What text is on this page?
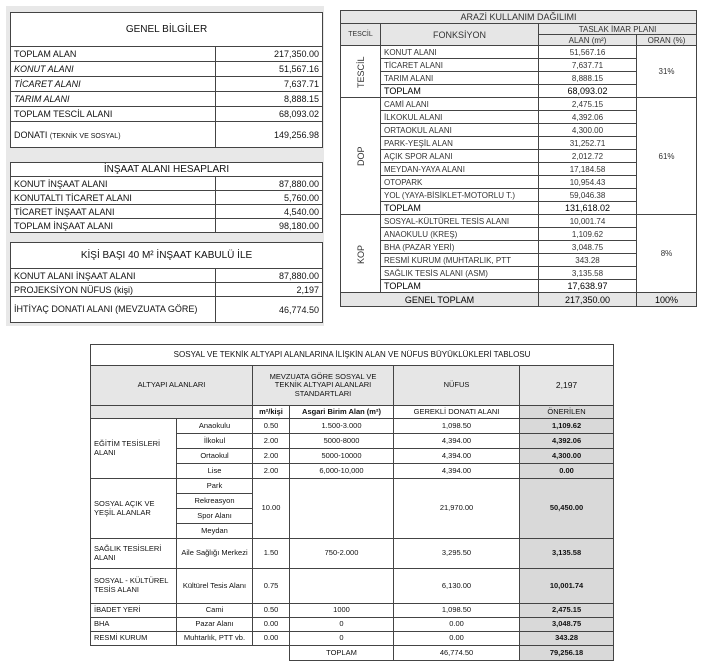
GENEL BİLGİLER	
TOPLAM ALAN	217,350.00
KONUT ALANI	51,567.16
TİCARET ALANI	7,637.71
TARIM ALANI	8,888.15
TOPLAM TESCİL ALANI	68,093.02
DONATI (TEKNİK VE SOSYAL)	149,256.98
İNŞAAT ALANI HESAPLARI	
KONUT İNŞAAT ALANI	87,880.00
KONUTALTI TİCARET ALANI	5,760.00
TİCARET İNŞAAT ALANI	4,540.00
TOPLAM İNŞAAT ALANI	98,180.00
KİŞİ BAŞI 40 M² İNŞAAT KABULÜ İLE	
KONUT ALANI İNŞAAT ALANI	87,880.00
PROJEKSİYON NÜFUS (kişi)	2,197
İHTİYAÇ DONATI ALANI (MEVZUATA GÖRE)	46,774.50
ARAZİ KULLANIM DAĞILIMI			
TESCİL	FONKSİYON	TASLAK İMAR PLANI	
		ALAN (m²)	ORAN (%)
TESCİL	KONUT ALANI	51,567.16	31%
	TİCARET ALANI	7,637.71	
	TARIM ALANI	8,888.15	
	TOPLAM	68,093.02	
DOP	CAMİ ALANI	2,475.15	61%
	İLKOKUL ALANI	4,392.06	
	ORTAOKUL ALANI	4,300.00	
	PARK-YEŞİL ALAN	31,252.71	
	AÇIK SPOR ALANI	2,012.72	
	MEYDAN-YAYA ALANI	17,184.58	
	OTOPARK	10,954.43	
	YOL (YAYA-BİSİKLET-MOTORLU T.)	59,046.38	
	TOPLAM	131,618.02	
KOP	SOSYAL-KÜLTÜREL TESİS ALANI	10,001.74	8%
	ANAOKULU (KREŞ)	1,109.62	
	BHA (PAZAR YERİ)	3,048.75	
	RESMİ KURUM (MUHTARLIK, PTT	343.28	
	SAĞLIK TESİS ALANI (ASM)	3,135.58	
	TOPLAM	17,638.97	
GENEL TOPLAM		217,350.00	100%
SOSYAL VE TEKNİK ALTYAPI ALANLARINA İLİŞKİN ALAN VE NÜFUS BÜYÜKLÜKLERİ TABLOSU					
ALTYAPI ALANLARI		MEVZUATA GÖRE SOSYAL VE TEKNİK ALTYAPI ALANLARI STANDARTLARI		NÜFUS	2,197
		m²/kişi	Asgari Birim Alan (m²)	GEREKLİ DONATI ALANI	ÖNERİLEN
EĞİTİM TESİSLERİ ALANI	Anaokulu	0.50	1.500-3.000	1,098.50	1,109.62
	İlkokul	2.00	5000-8000	4,394.00	4,392.06
	Ortaokul	2.00	5000-10000	4,394.00	4,300.00
	Lise	2.00	6,000-10,000	4,394.00	0.00
SOSYAL AÇIK VE YEŞİL ALANLAR	Park	10.00		21,970.00	50,450.00
	Rekreasyon				
	Spor Alanı				
	Meydan				
SAĞLIK TESİSLERİ ALANI	Aile Sağlığı Merkezi	1.50	750-2.000	3,295.50	3,135.58
SOSYAL - KÜLTÜREL TESİS ALANI	Kültürel Tesis Alanı	0.75		6,130.00	10,001.74
İBADET YERİ	Cami	0.50	1000	1,098.50	2,475.15
BHA	Pazar Alanı	0.00	0	0.00	3,048.75
RESMİ KURUM	Muhtarlık, PTT vb.	0.00	0	0.00	343.28
			TOPLAM	46,774.50	79,256.18
